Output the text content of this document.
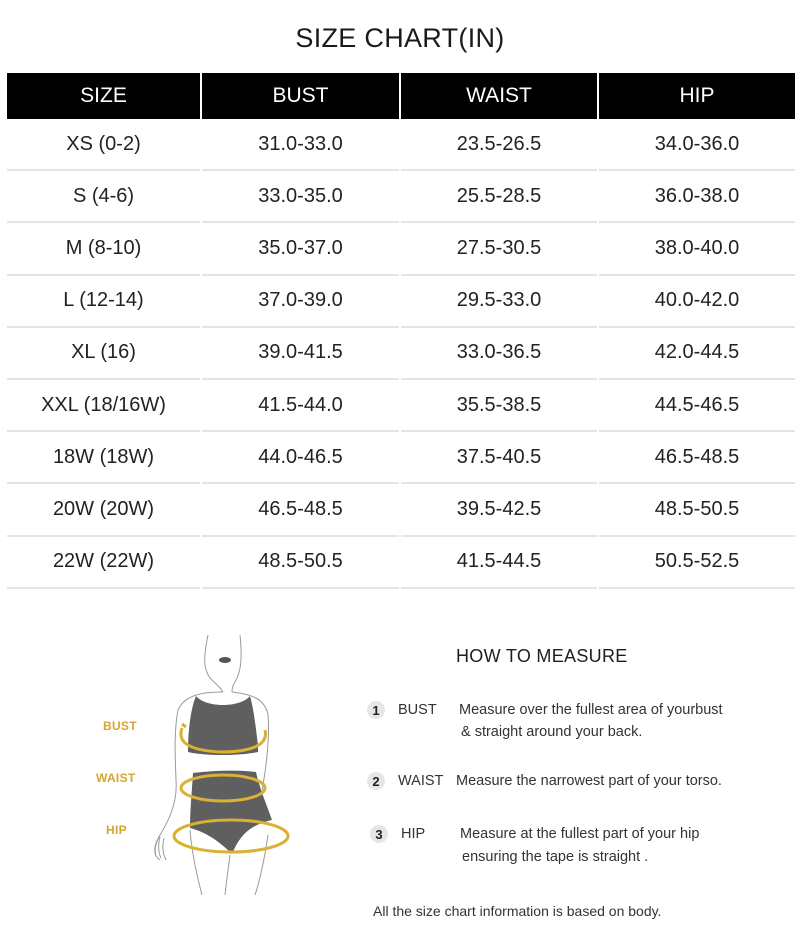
SIZE CHART(IN)
SIZE	BUST	WAIST	HIP
XS (0-2)	31.0-33.0	23.5-26.5	34.0-36.0
S (4-6)	33.0-35.0	25.5-28.5	36.0-38.0
M (8-10)	35.0-37.0	27.5-30.5	38.0-40.0
L (12-14)	37.0-39.0	29.5-33.0	40.0-42.0
XL (16)	39.0-41.5	33.0-36.5	42.0-44.5
XXL (18/16W)	41.5-44.0	35.5-38.5	44.5-46.5
18W (18W)	44.0-46.5	37.5-40.5	46.5-48.5
20W (20W)	46.5-48.5	39.5-42.5	48.5-50.5
22W (22W)	48.5-50.5	41.5-44.5	50.5-52.5
BUST
WAIST
HIP
HOW TO MEASURE
1	BUST Measure over the fullest area of yourbust
& straight around your back.
2	WAIST Measure the narrowest part of your torso.
3	HIP Measure at the fullest part of your hip
ensuring the tape is straight .
All the size chart information is based on body.
